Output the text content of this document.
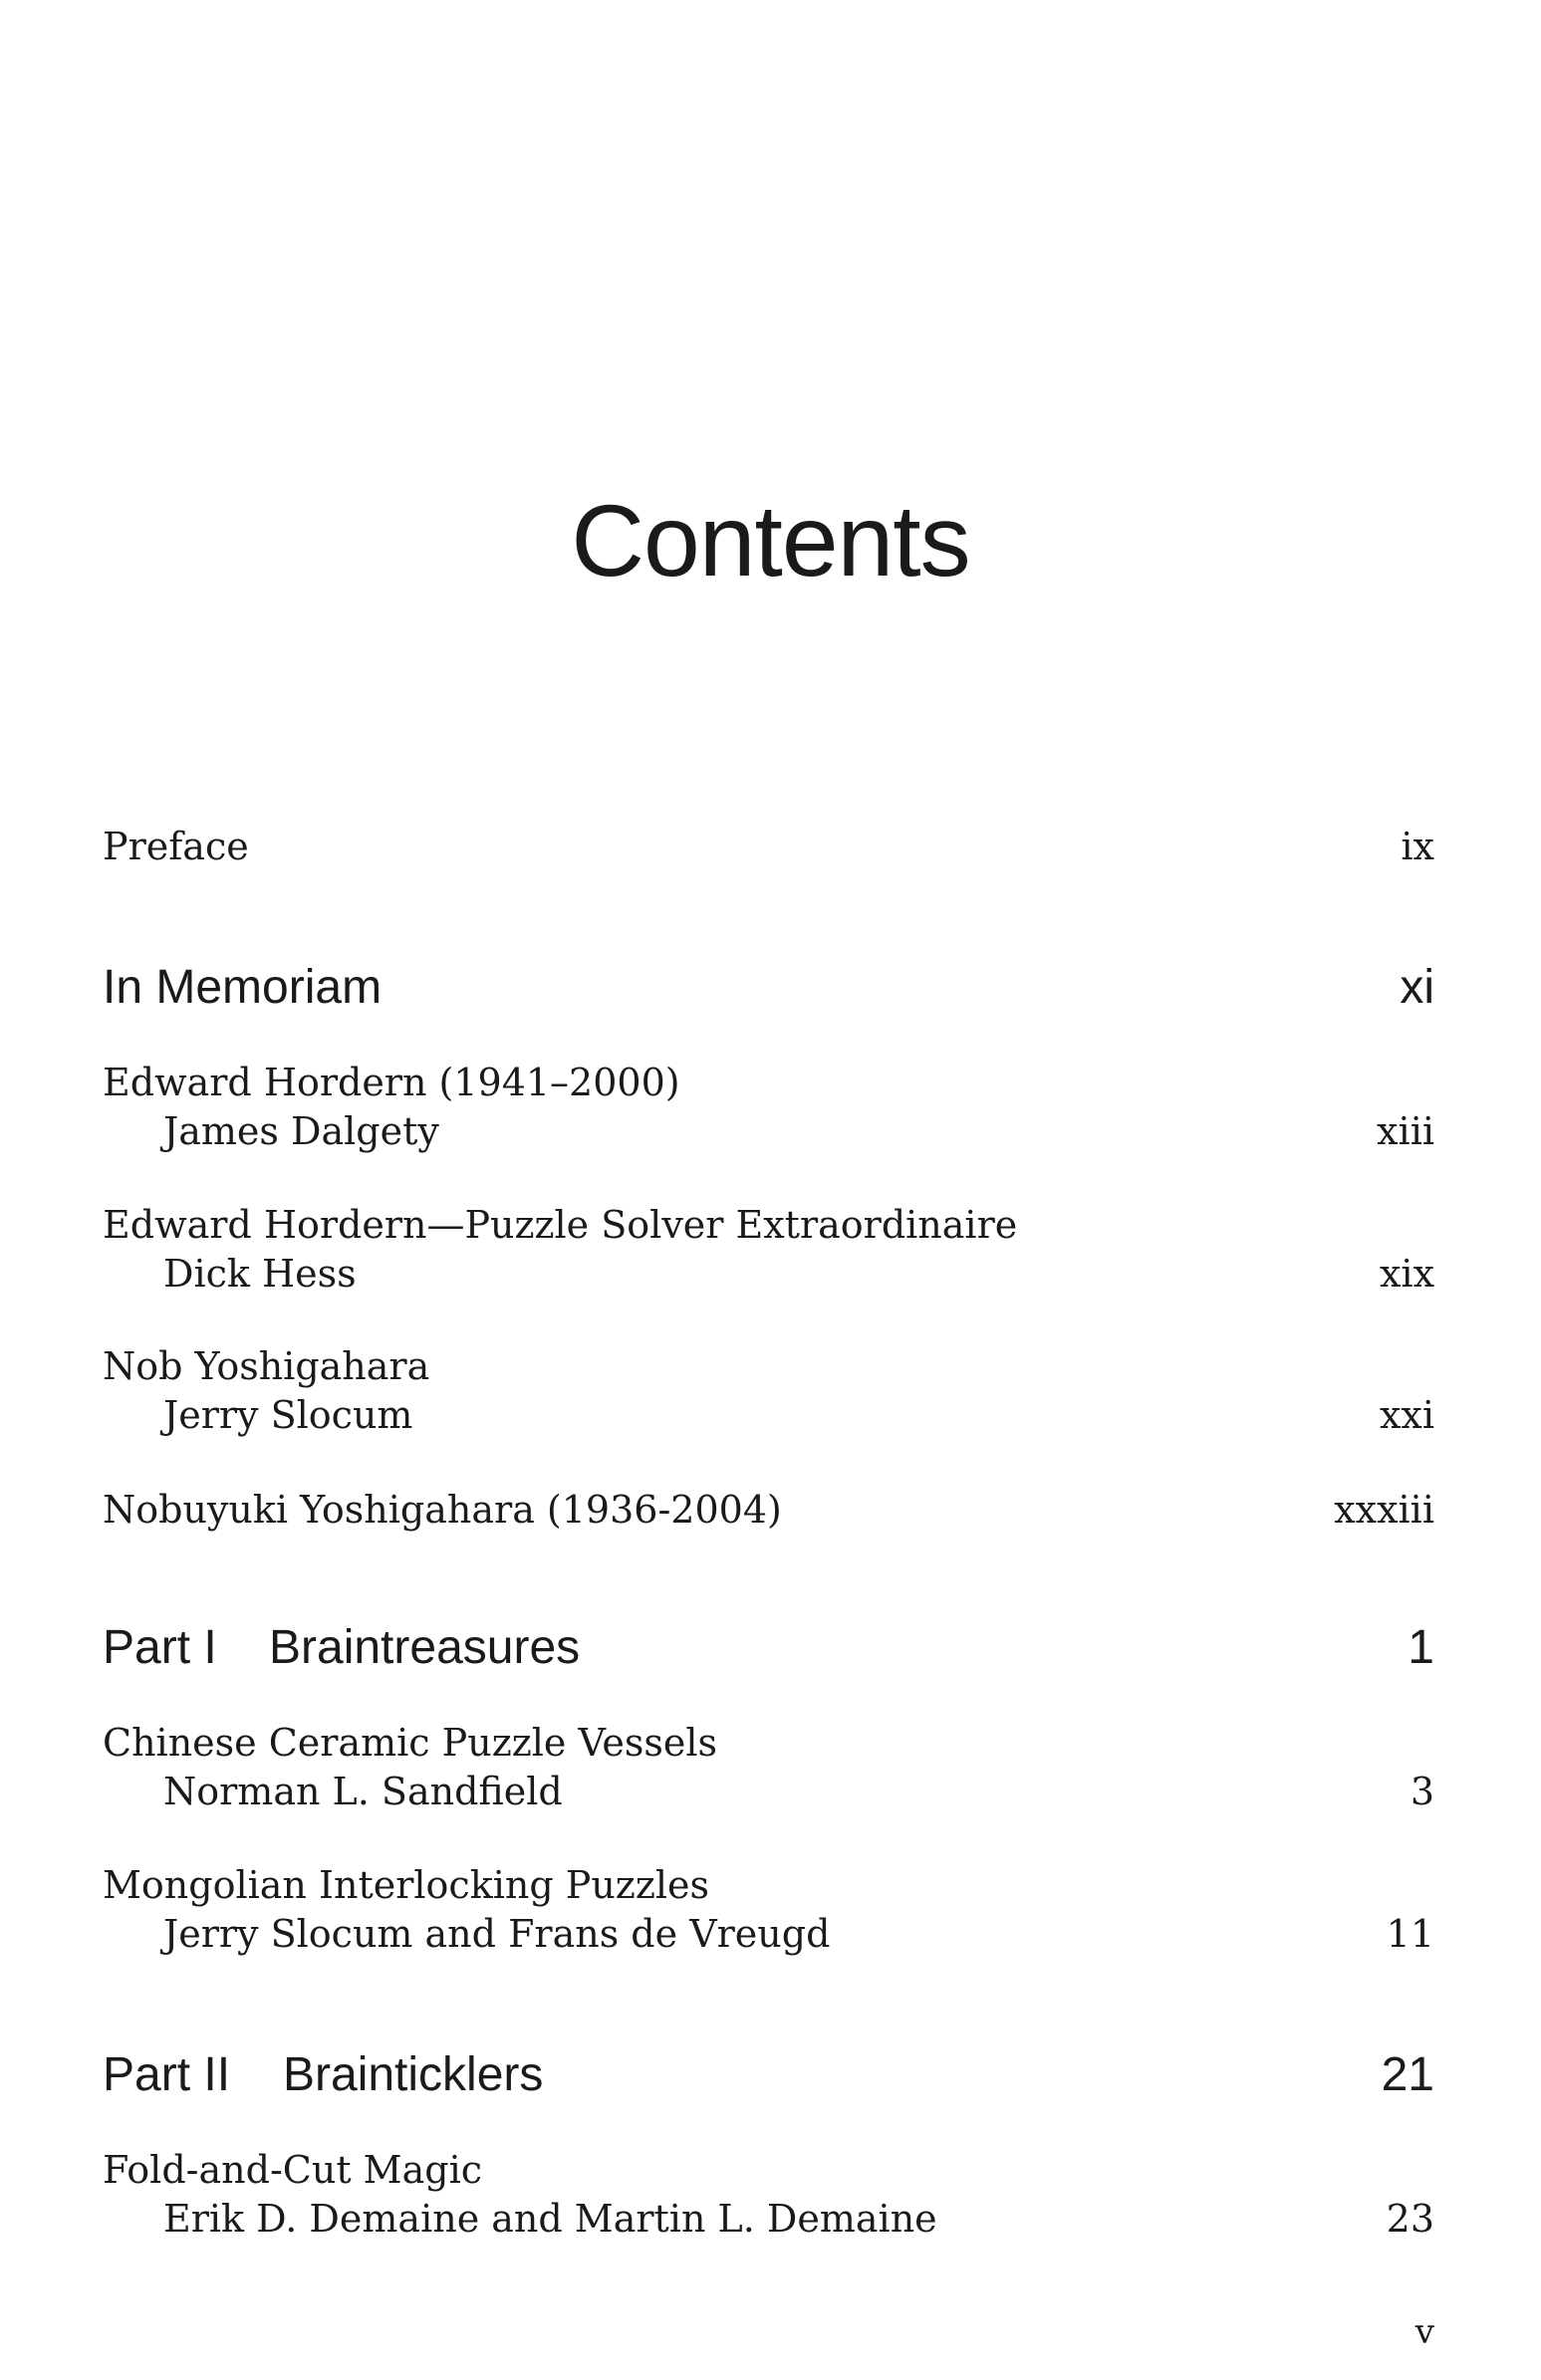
Contents
Preface	ix
In Memoriam	xi
Edward Hordern (1941–2000)
James Dalgety	xiii
Edward Hordern—Puzzle Solver Extraordinaire
Dick Hess	xix
Nob Yoshigahara
Jerry Slocum	xxi
Nobuyuki Yoshigahara (1936-2004)	xxxiii
Part I Braintreasures	1
Chinese Ceramic Puzzle Vessels
Norman L. Sandfield	3
Mongolian Interlocking Puzzles
Jerry Slocum and Frans de Vreugd	11
Part II Brainticklers	21
Fold-and-Cut Magic
Erik D. Demaine and Martin L. Demaine	23
v
